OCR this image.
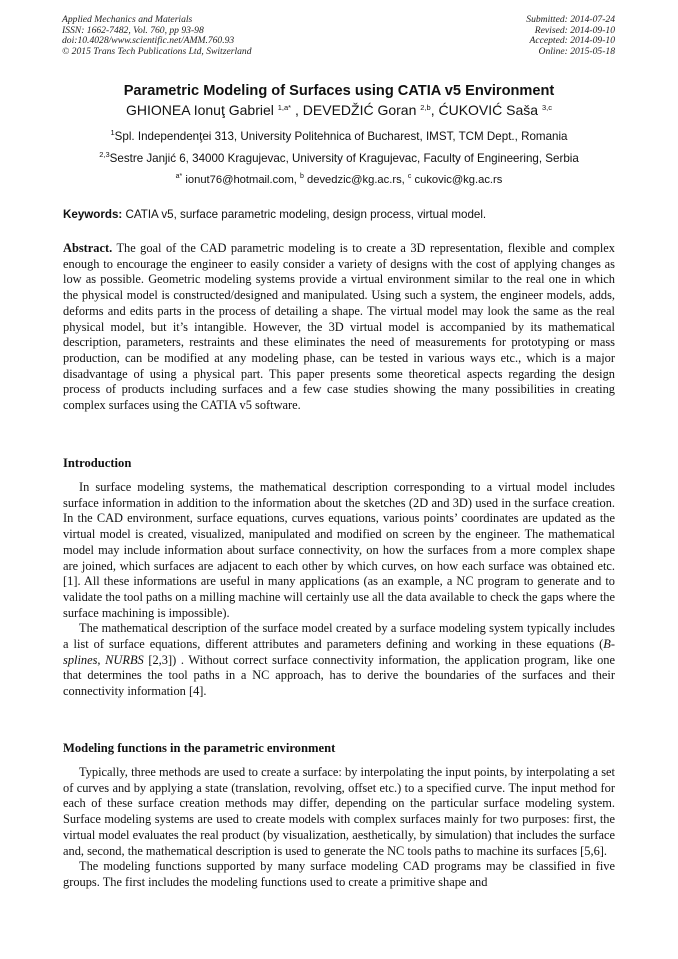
Applied Mechanics and Materials
ISSN: 1662-7482, Vol. 760, pp 93-98
doi:10.4028/www.scientific.net/AMM.760.93
© 2015 Trans Tech Publications Ltd, Switzerland
Submitted: 2014-07-24
Revised: 2014-09-10
Accepted: 2014-09-10
Online: 2015-05-18
Parametric Modeling of Surfaces using CATIA v5 Environment
GHIONEA Ionuţ Gabriel $^{1,a*}$ , DEVEDŽIĆ Goran $^{2,b}$, ĆUKOVIĆ Saša $^{3,c}$
$^1$Spl. Independenţei 313, University Politehnica of Bucharest, IMST, TCM Dept., Romania
$^{2,3}$Sestre Janjić 6, 34000 Kragujevac, University of Kragujevac, Faculty of Engineering, Serbia
$^{a*}$ ionut76@hotmail.com, $^b$ devedzic@kg.ac.rs, $^c$ cukovic@kg.ac.rs
Keywords: CATIA v5, surface parametric modeling, design process, virtual model.

Abstract. The goal of the CAD parametric modeling is to create a 3D representation, flexible and complex enough to encourage the engineer to easily consider a variety of designs with the cost of applying changes as low as possible. Geometric modeling systems provide a virtual environment similar to the real one in which the physical model is constructed/designed and manipulated. Using such a system, the engineer models, adds, deforms and edits parts in the process of detailing a shape. The virtual model may look the same as the real physical model, but it’s intangible. However, the 3D virtual model is accompanied by its mathematical description, parameters, restraints and these eliminates the need of measurements for prototyping or mass production, can be modified at any modeling phase, can be tested in various ways etc., which is a major disadvantage of using a physical part. This paper presents some theoretical aspects regarding the design process of products including surfaces and a few case studies showing the many possibilities in creating complex surfaces using the CATIA v5 software.

Introduction

In surface modeling systems, the mathematical description corresponding to a virtual model includes surface information in addition to the information about the sketches (2D and 3D) used in the surface creation. In the CAD environment, surface equations, curves equations, various points’ coordinates are updated as the virtual model is created, visualized, manipulated and modified on screen by the engineer. The mathematical model may include information about surface connectivity, on how the surfaces from a more complex shape are joined, which surfaces are adjacent to each other by which curves, on how each surface was obtained etc. [1]. All these informations are useful in many applications (as an example, a NC program to generate and to validate the tool paths on a milling machine will certainly use all the data available to check the gaps where the surface machining is impossible).

The mathematical description of the surface model created by a surface modeling system typically includes a list of surface equations, different attributes and parameters defining and working in these equations (B-splines, NURBS [2,3]) . Without correct surface connectivity information, the application program, like one that determines the tool paths in a NC approach, has to derive the boundaries of the surfaces and their connectivity information [4].

Modeling functions in the parametric environment

Typically, three methods are used to create a surface: by interpolating the input points, by interpolating a set of curves and by applying a state (translation, revolving, offset etc.) to a specified curve. The input method for each of these surface creation methods may differ, depending on the particular surface modeling system. Surface modeling systems are used to create models with complex surfaces mainly for two purposes: first, the virtual model evaluates the real product (by visualization, aesthetically, by simulation) that includes the surface and, second, the mathematical description is used to generate the NC tools paths to machine its surfaces [5,6].

The modeling functions supported by many surface modeling CAD programs may be classified in five groups. The first includes the modeling functions used to create a primitive shape and
